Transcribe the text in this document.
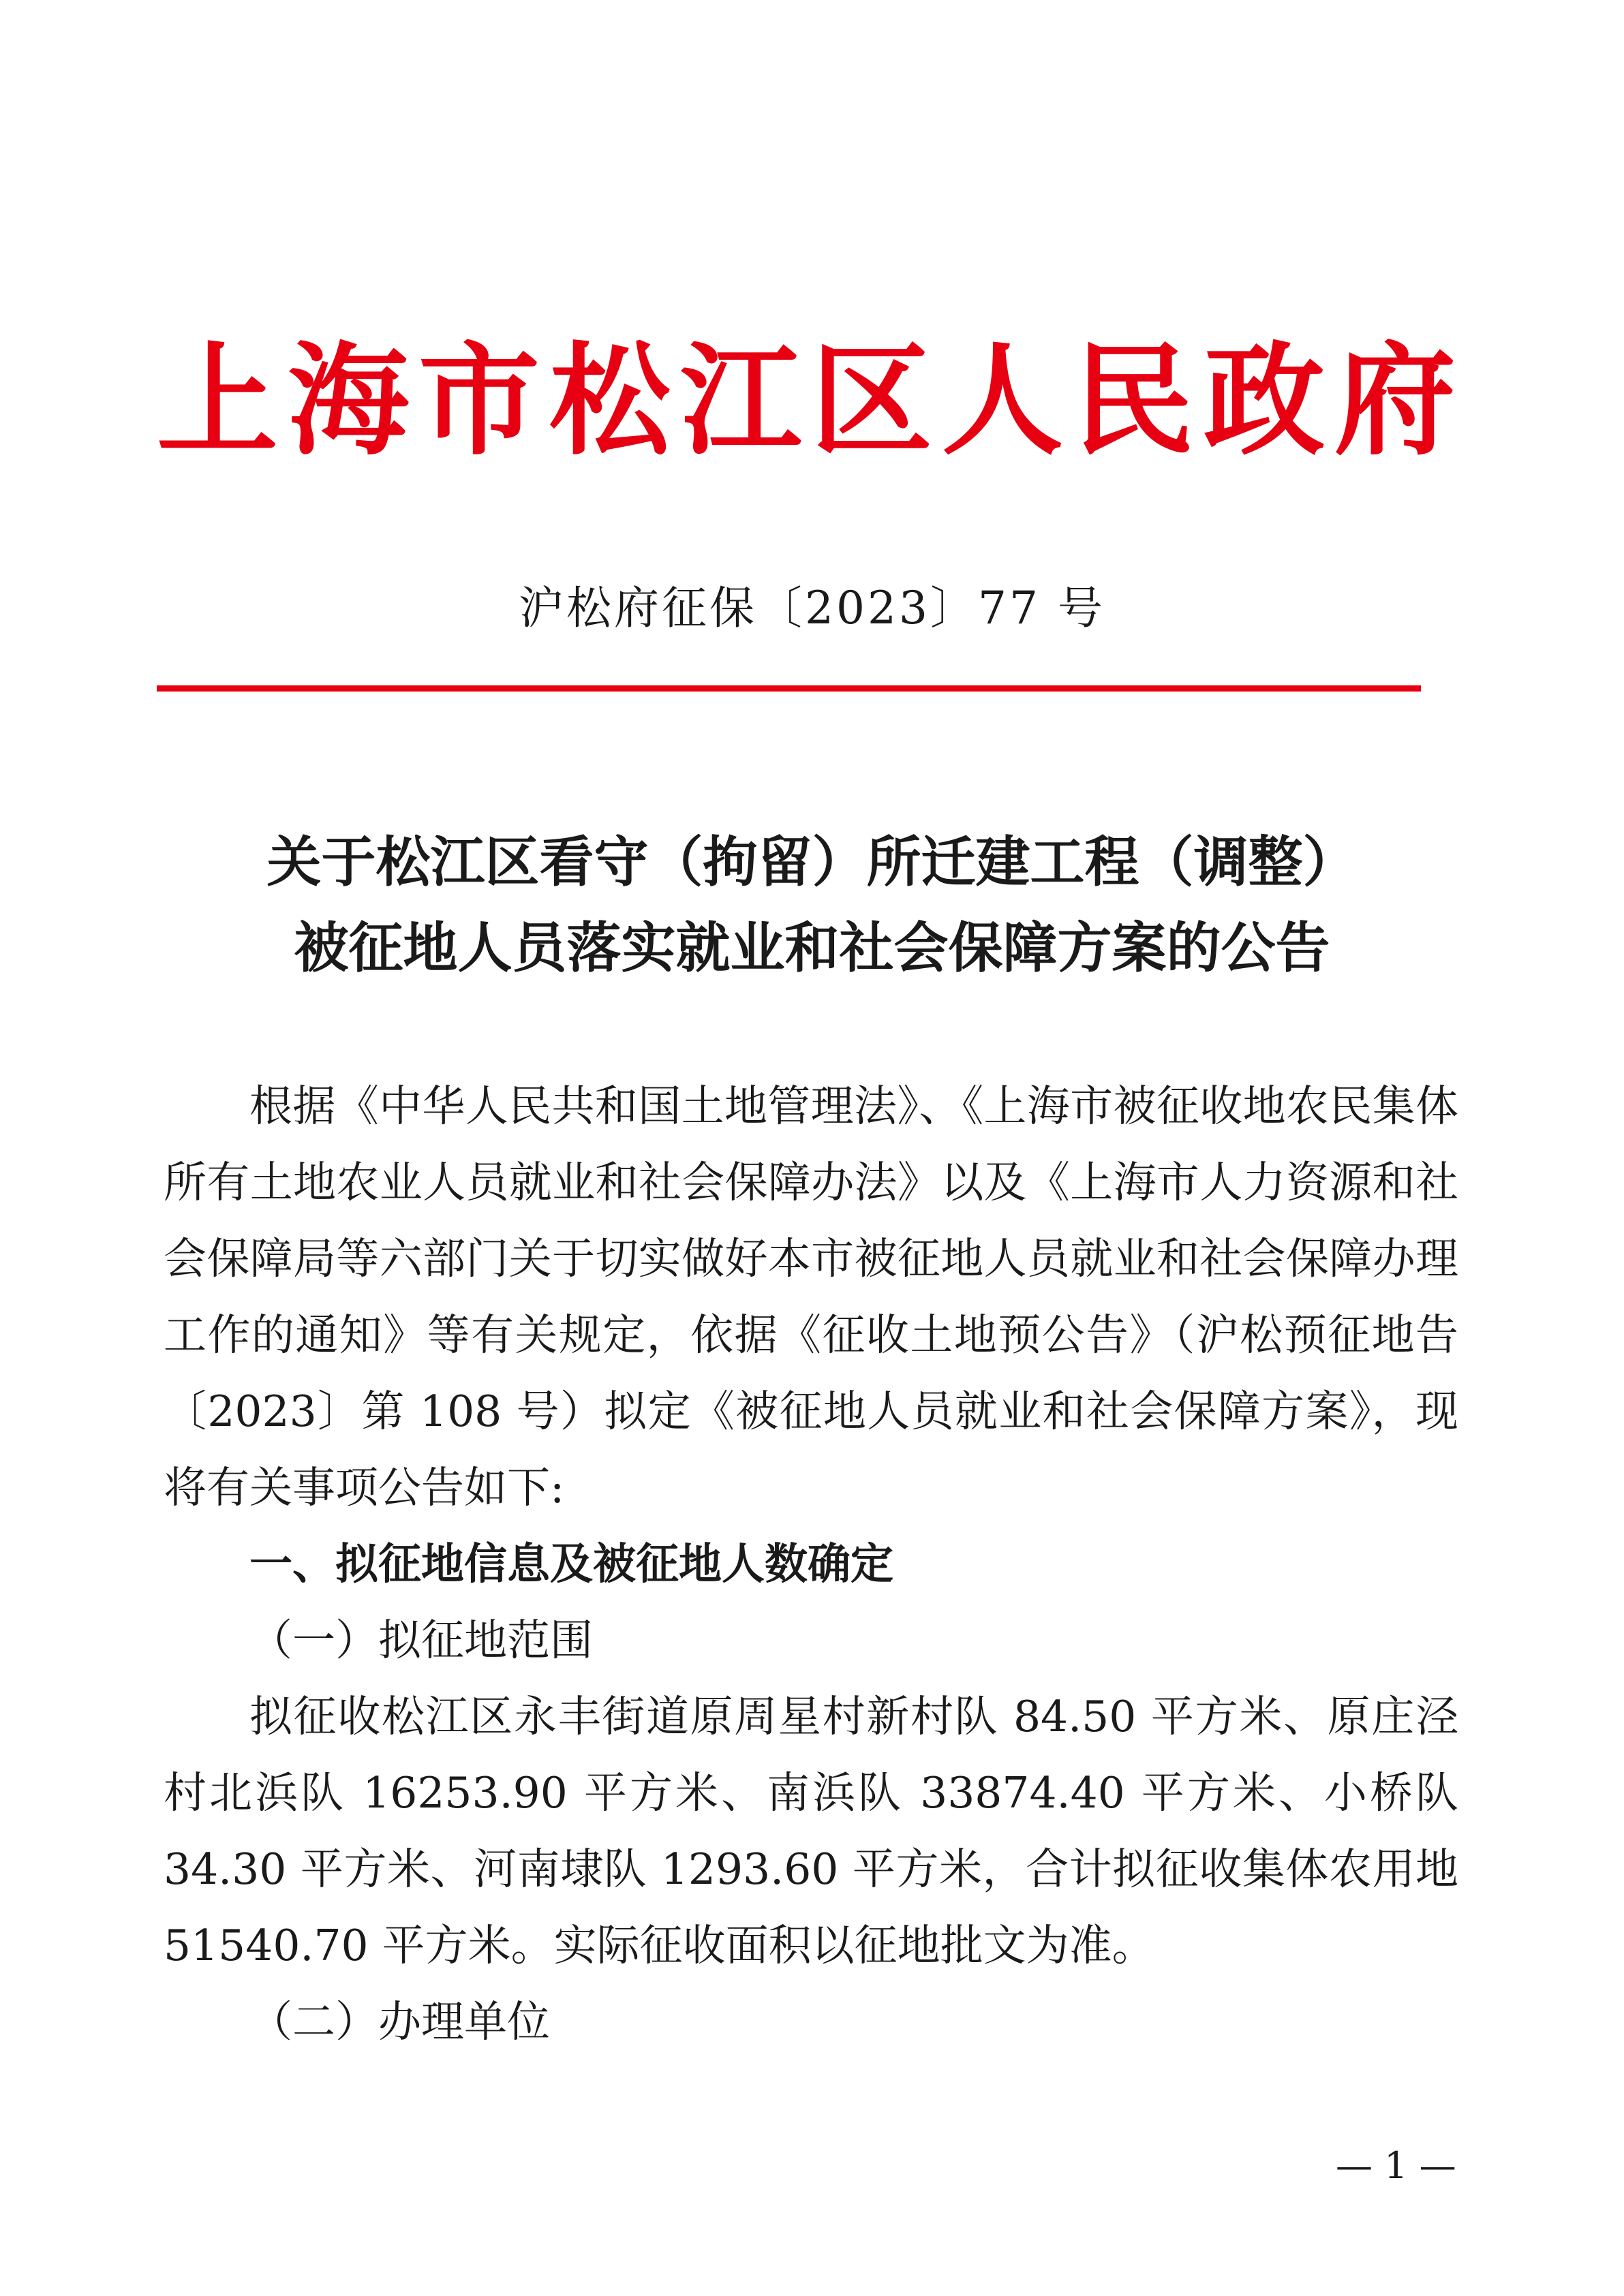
上海市松江区人民政府
沪松府征保〔2023〕77 号
关于松江区看守（拘留）所迁建工程（调整）
被征地人员落实就业和社会保障方案的公告

根据《中华人民共和国土地管理法》、《上海市被征收地农民集体所有土地农业人员就业和社会保障办法》以及《上海市人力资源和社会保障局等六部门关于切实做好本市被征地人员就业和社会保障办理工作的通知》等有关规定，依据《征收土地预公告》（沪松预征地告〔2023〕第 108 号）拟定《被征地人员就业和社会保障方案》，现将有关事项公告如下:

一、拟征地信息及被征地人数确定

（一）拟征地范围

拟征收松江区永丰街道原周星村新村队 84.50 平方米、原庄泾村北浜队 16253.90 平方米、南浜队 33874.40 平方米、小桥队 34.30 平方米、河南埭队 1293.60 平方米，合计拟征收集体农用地 51540.70 平方米。实际征收面积以征地批文为准。

（二）办理单位

— 1 —
